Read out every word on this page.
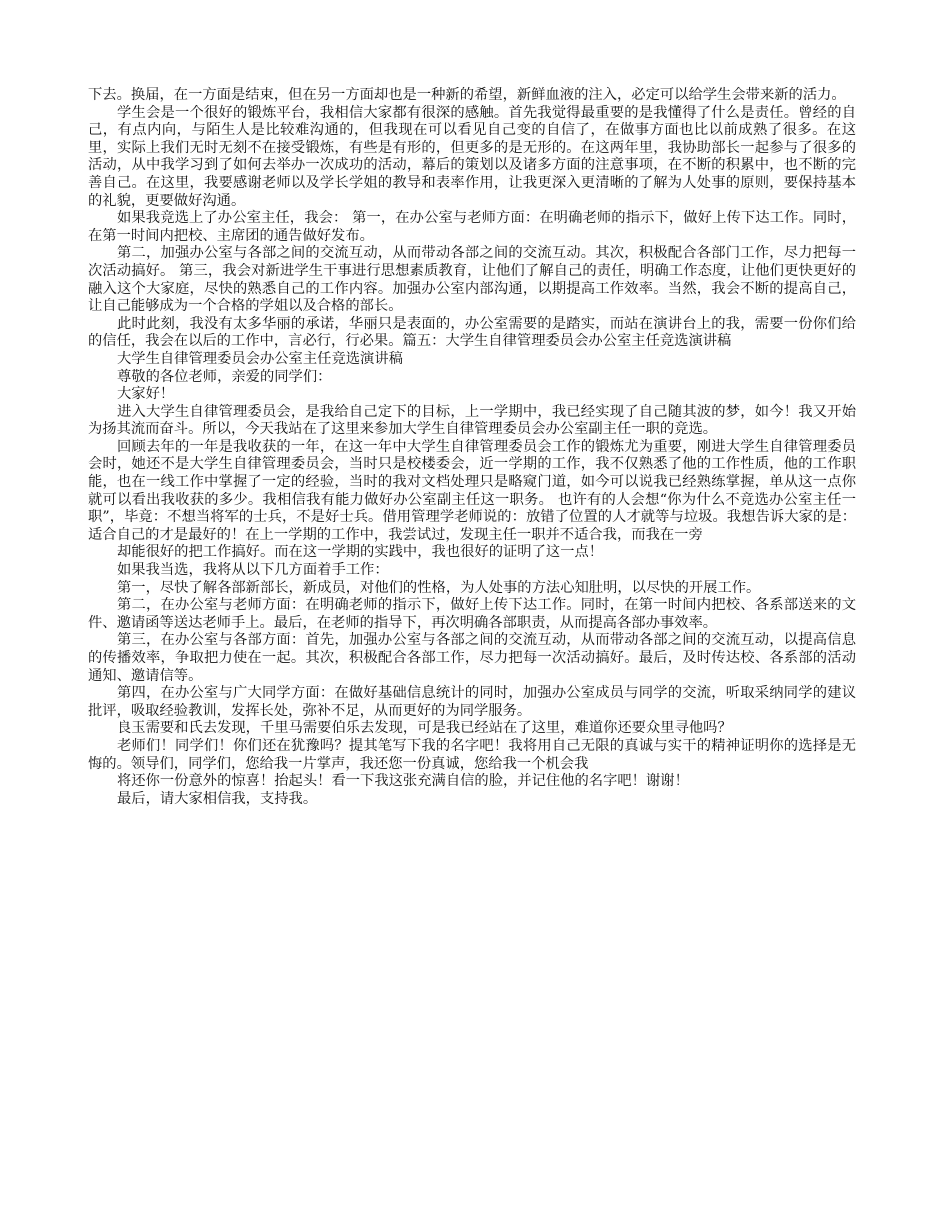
下去。换届，在一方面是结束，但在另一方面却也是一种新的希望，新鲜血液的注入，必定可以给学生会带来新的活力。

学生会是一个很好的锻炼平台，我相信大家都有很深的感触。首先我觉得最重要的是我懂得了什么是责任。曾经的自己，有点内向，与陌生人是比较难沟通的，但我现在可以看见自己变的自信了，在做事方面也比以前成熟了很多。在这里，实际上我们无时无刻不在接受锻炼，有些是有形的，但更多的是无形的。在这两年里，我协助部长一起参与了很多的活动，从中我学习到了如何去举办一次成功的活动，幕后的策划以及诸多方面的注意事项，在不断的积累中，也不断的完善自己。在这里，我要感谢老师以及学长学姐的教导和表率作用，让我更深入更清晰的了解为人处事的原则，要保持基本的礼貌，更要做好沟通。

如果我竞选上了办公室主任，我会： 第一，在办公室与老师方面：在明确老师的指示下，做好上传下达工作。同时，在第一时间内把校、主席团的通告做好发布。

第二，加强办公室与各部之间的交流互动，从而带动各部之间的交流互动。其次，积极配合各部门工作，尽力把每一次活动搞好。 第三，我会对新进学生干事进行思想素质教育，让他们了解自己的责任，明确工作态度，让他们更快更好的融入这个大家庭，尽快的熟悉自己的工作内容。加强办公室内部沟通，以期提高工作效率。当然，我会不断的提高自己，让自己能够成为一个合格的学姐以及合格的部长。

此时此刻，我没有太多华丽的承诺，华丽只是表面的，办公室需要的是踏实，而站在演讲台上的我，需要一份你们给的信任，我会在以后的工作中，言必行，行必果。篇五：大学生自律管理委员会办公室主任竞选演讲稿

大学生自律管理委员会办公室主任竞选演讲稿

尊敬的各位老师，亲爱的同学们：

大家好！

进入大学生自律管理委员会，是我给自己定下的目标，上一学期中，我已经实现了自己随其波的梦，如今！我又开始为扬其流而奋斗。所以，今天我站在了这里来参加大学生自律管理委员会办公室副主任一职的竞选。

回顾去年的一年是我收获的一年，在这一年中大学生自律管理委员会工作的锻炼尤为重要，刚进大学生自律管理委员会时，她还不是大学生自律管理委员会，当时只是校楼委会，近一学期的工作，我不仅熟悉了他的工作性质，他的工作职能，也在一线工作中掌握了一定的经验，当时的我对文档处理只是略窥门道，如今可以说我已经熟练掌握，单从这一点你就可以看出我收获的多少。我相信我有能力做好办公室副主任这一职务。 也许有的人会想“你为什么不竞选办公室主任一职”，毕竟：不想当将军的士兵，不是好士兵。借用管理学老师说的：放错了位置的人才就等与垃圾。我想告诉大家的是：适合自己的才是最好的！在上一学期的工作中，我尝试过，发现主任一职并不适合我，而我在一旁

却能很好的把工作搞好。而在这一学期的实践中，我也很好的证明了这一点！

如果我当选，我将从以下几方面着手工作：

第一，尽快了解各部新部长，新成员，对他们的性格，为人处事的方法心知肚明，以尽快的开展工作。

第二，在办公室与老师方面：在明确老师的指示下，做好上传下达工作。同时，在第一时间内把校、各系部送来的文件、邀请函等送达老师手上。最后，在老师的指导下，再次明确各部职责，从而提高各部办事效率。

第三，在办公室与各部方面：首先，加强办公室与各部之间的交流互动，从而带动各部之间的交流互动，以提高信息的传播效率，争取把力使在一起。其次，积极配合各部工作，尽力把每一次活动搞好。最后，及时传达校、各系部的活动通知、邀请信等。

第四，在办公室与广大同学方面：在做好基础信息统计的同时，加强办公室成员与同学的交流，听取采纳同学的建议批评，吸取经验教训，发挥长处，弥补不足，从而更好的为同学服务。

良玉需要和氏去发现，千里马需要伯乐去发现，可是我已经站在了这里，难道你还要众里寻他吗？

老师们！同学们！你们还在犹豫吗？提其笔写下我的名字吧！我将用自己无限的真诚与实干的精神证明你的选择是无悔的。领导们，同学们，您给我一片掌声，我还您一份真诚，您给我一个机会我

将还你一份意外的惊喜！抬起头！看一下我这张充满自信的脸，并记住他的名字吧！谢谢！

最后，请大家相信我，支持我。
